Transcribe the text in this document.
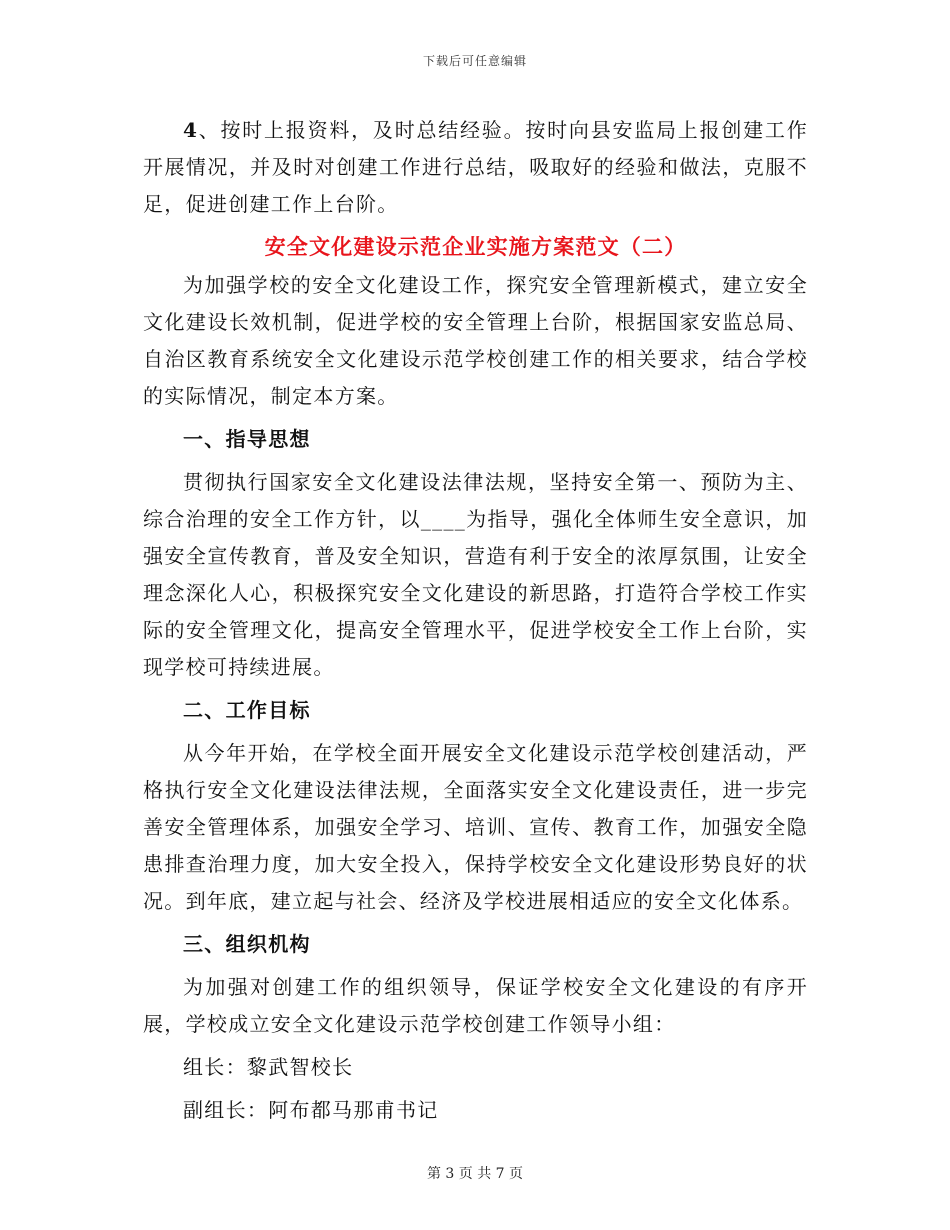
下载后可任意编辑

4、按时上报资料，及时总结经验。按时向县安监局上报创建工作开展情况，并及时对创建工作进行总结，吸取好的经验和做法，克服不足，促进创建工作上台阶。

安全文化建设示范企业实施方案范文（二）

为加强学校的安全文化建设工作，探究安全管理新模式，建立安全文化建设长效机制，促进学校的安全管理上台阶，根据国家安监总局、自治区教育系统安全文化建设示范学校创建工作的相关要求，结合学校的实际情况，制定本方案。

一、指导思想

贯彻执行国家安全文化建设法律法规，坚持安全第一、预防为主、综合治理的安全工作方针，以____为指导，强化全体师生安全意识，加强安全宣传教育，普及安全知识，营造有利于安全的浓厚氛围，让安全理念深化人心，积极探究安全文化建设的新思路，打造符合学校工作实际的安全管理文化，提高安全管理水平，促进学校安全工作上台阶，实现学校可持续进展。

二、工作目标

从今年开始，在学校全面开展安全文化建设示范学校创建活动，严格执行安全文化建设法律法规，全面落实安全文化建设责任，进一步完善安全管理体系，加强安全学习、培训、宣传、教育工作，加强安全隐患排查治理力度，加大安全投入，保持学校安全文化建设形势良好的状况。到年底，建立起与社会、经济及学校进展相适应的安全文化体系。

三、组织机构

为加强对创建工作的组织领导，保证学校安全文化建设的有序开展，学校成立安全文化建设示范学校创建工作领导小组：

组长：黎武智校长
副组长：阿布都马那甫书记
第 3 页 共 7 页
